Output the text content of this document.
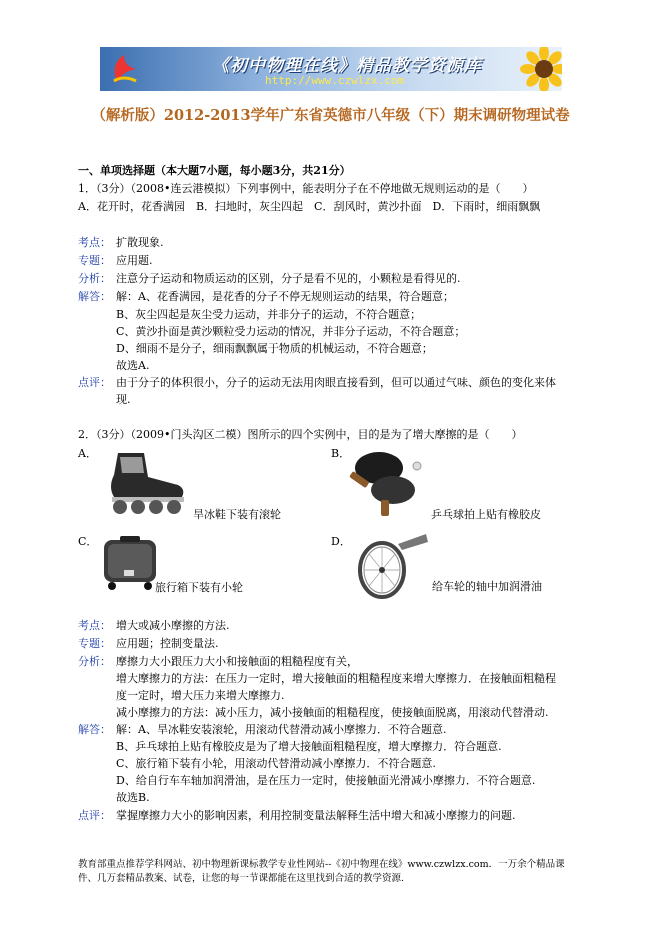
《初中物理在线》精品教学资源库
http://www.czwlzx.com
（解析版）2012-2013学年广东省英德市八年级（下）期末调研物理试卷
一、单项选择题（本大题7小题，每小题3分，共21分）
1．（3分）（2008•连云港模拟）下列事例中，能表明分子在不停地做无规则运动的是（　　）
A．花开时，花香满园　B．扫地时，灰尘四起　C．刮风时，黄沙扑面　D．下雨时，细雨飘飘
考点： 扩散现象.
专题： 应用题.
分析： 注意分子运动和物质运动的区别，分子是看不见的，小颗粒是看得见的.
解答： 解：A、花香满园，是花香的分子不停无规则运动的结果，符合题意；
B、灰尘四起是灰尘受力运动，并非分子的运动，不符合题意；
C、黄沙扑面是黄沙颗粒受力运动的情况，并非分子运动，不符合题意；
D、细雨不是分子，细雨飘飘属于物质的机械运动，不符合题意；
故选A.
点评： 由于分子的体积很小，分子的运动无法用肉眼直接看到，但可以通过气味、颜色的变化来体
现.
2．（3分）（2009•门头沟区二模）图所示的四个实例中，目的是为了增大摩擦的是（　　）
A．
旱冰鞋下装有滚轮
B．
乒乓球拍上贴有橡胶皮
C．
旅行箱下装有小轮
D．
给车轮的轴中加润滑油
考点： 增大或减小摩擦的方法.
专题： 应用题；控制变量法.
分析： 摩擦力大小跟压力大小和接触面的粗糙程度有关，
增大摩擦力的方法：在压力一定时，增大接触面的粗糙程度来增大摩擦力．在接触面粗糙程
度一定时，增大压力来增大摩擦力.
减小摩擦力的方法：减小压力，减小接触面的粗糙程度，使接触面脱离，用滚动代替滑动.
解答： 解：A、旱冰鞋安装滚轮，用滚动代替滑动减小摩擦力．不符合题意.
B、乒乓球拍上贴有橡胶皮是为了增大接触面粗糙程度，增大摩擦力．符合题意.
C、旅行箱下装有小轮，用滚动代替滑动减小摩擦力．不符合题意.
D、给自行车车轴加润滑油，是在压力一定时，使接触面光滑减小摩擦力．不符合题意.
故选B.
点评： 掌握摩擦力大小的影响因素，利用控制变量法解释生活中增大和减小摩擦力的问题.
教育部重点推荐学科网站、初中物理新课标教学专业性网站--《初中物理在线》www.czwlzx.com．一万余个精品课
件、几万套精品教案、试卷，让您的每一节课都能在这里找到合适的教学资源.
